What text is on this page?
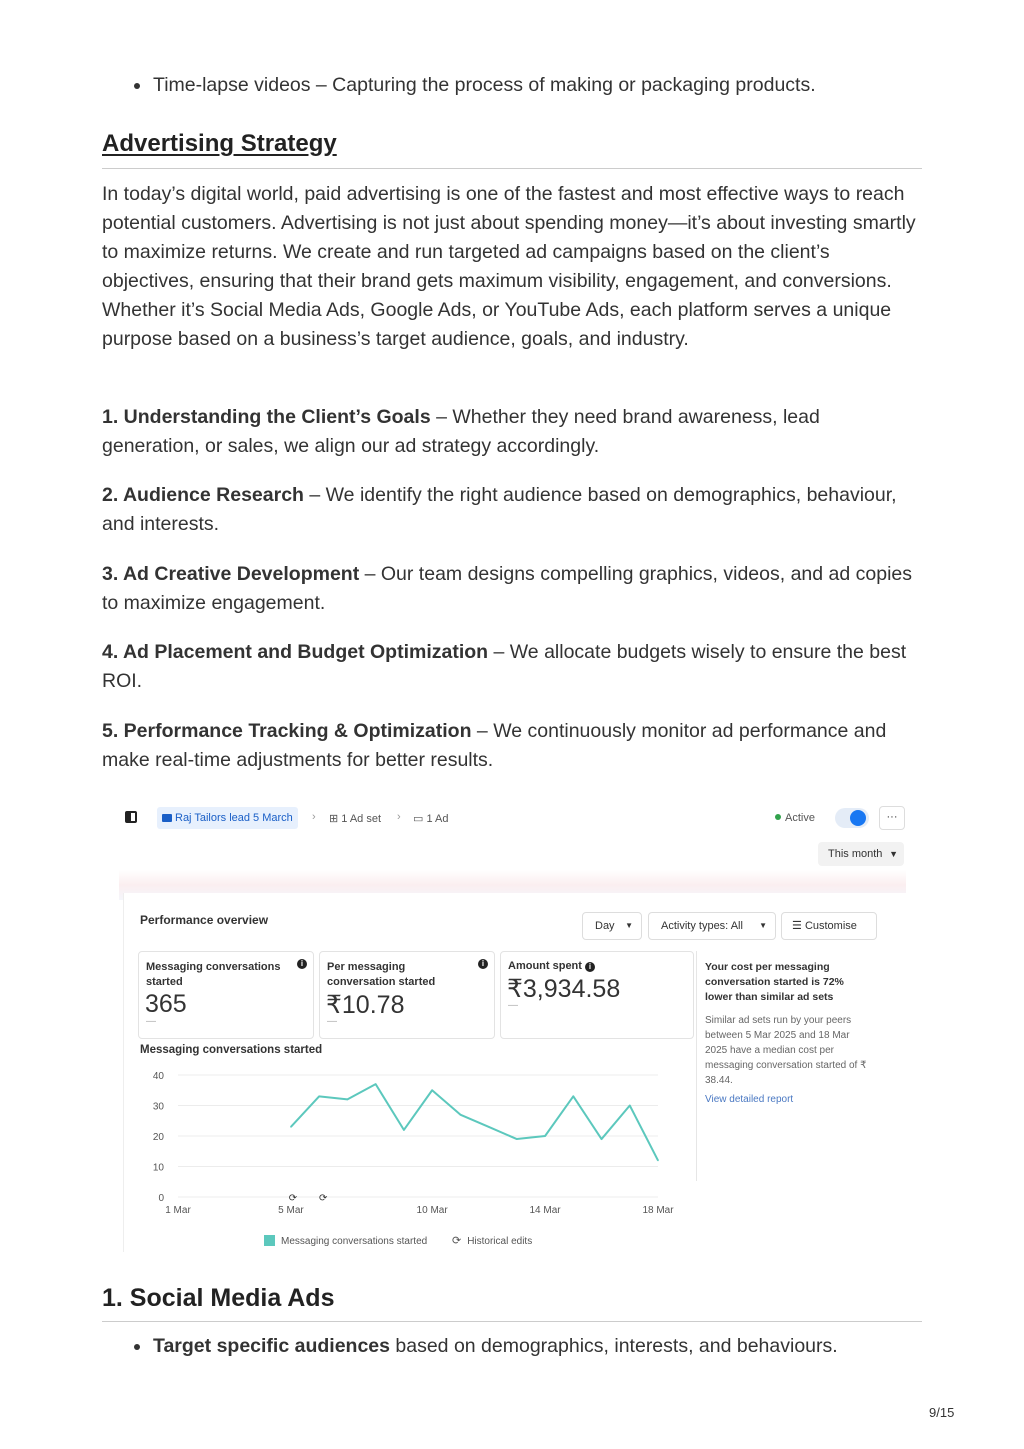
Time-lapse videos – Capturing the process of making or packaging products.
Advertising Strategy

In today’s digital world, paid advertising is one of the fastest and most effective ways to reach potential customers. Advertising is not just about spending money—it’s about investing smartly to maximize returns. We create and run targeted ad campaigns based on the client’s objectives, ensuring that their brand gets maximum visibility, engagement, and conversions. Whether it’s Social Media Ads, Google Ads, or YouTube Ads, each platform serves a unique purpose based on a business’s target audience, goals, and industry.

1. Understanding the Client’s Goals – Whether they need brand awareness, lead generation, or sales, we align our ad strategy accordingly.

2. Audience Research – We identify the right audience based on demographics, behaviour, and interests.

3. Ad Creative Development – Our team designs compelling graphics, videos, and ad copies to maximize engagement.

4. Ad Placement and Budget Optimization – We allocate budgets wisely to ensure the best ROI.

5. Performance Tracking & Optimization – We continuously monitor ad performance and make real-time adjustments for better results.

1. Social Media Ads
Target specific audiences based on demographics, interests, and behaviours.
Raj Tailors lead 5 March	› ⊞ 1 Ad set › ▭ 1 Ad	Active	···
This month ▼
Performance overview	Day ▼	Activity types: All ▼	☰ Customise
Messaging conversations started
i
365
—
Per messaging conversation started
i
₹10.78
—
Amount spent i
₹3,934.58
—

Your cost per messaging conversation started is 72% lower than similar ad sets

Similar ad sets run by your peers between 5 Mar 2025 and 18 Mar 2025 have a median cost per messaging conversation started of ₹ 38.44.

View detailed report

Messaging conversations started
0
10
20
30
40
1 Mar	5 Mar	10 Mar	14 Mar	18 Mar
⟳ ⟳
Messaging conversations started ⟳ Historical edits
9/15
